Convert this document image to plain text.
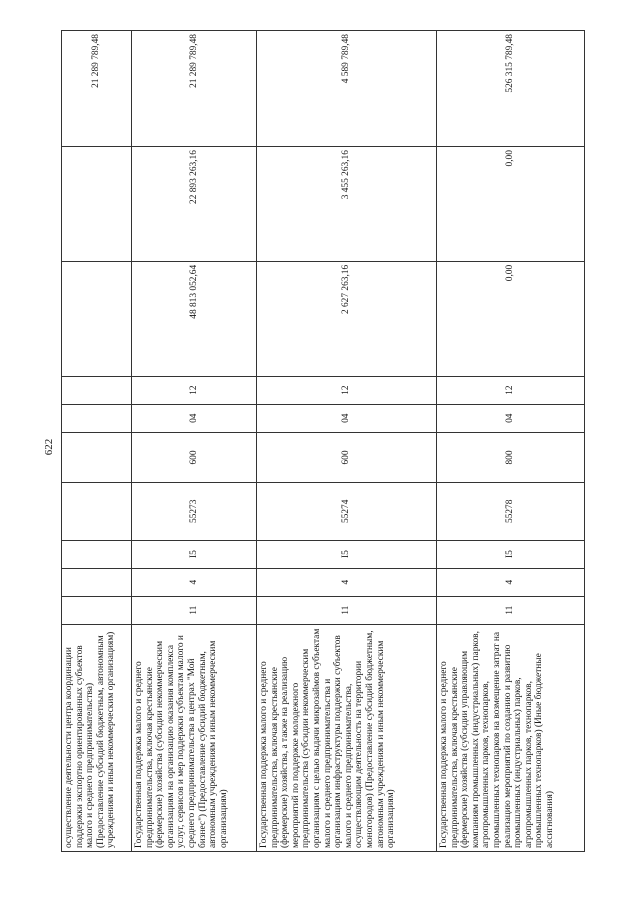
622
осуществление деятельности центра координации поддержки экспортно ориентированных субъектов малого и среднего предпринимательства) (Предоставление субсидий бюджетным, автономным учреждениям и иным некоммерческим организациям)										21 289 789,48
Государственная поддержка малого и среднего предпринимательства, включая крестьянские (фермерские) хозяйства (субсидии некоммерческим организациям на организацию оказания комплекса услуг, сервисов и мер поддержки субъектам малого и среднего предпринимательства в центрах "Мой бизнес") (Предоставление субсидий бюджетным, автономным учреждениям и иным некоммерческим организациям)	11	4	I5	55273	600	04	12	48 813 052,64	22 893 263,16	21 289 789,48
Государственная поддержка малого и среднего предпринимательства, включая крестьянские (фермерские) хозяйства, а также на реализацию мероприятий по поддержке молодежного предпринимательства (субсидии некоммерческим организациям с целью выдачи микрозаймов субъектам малого и среднего предпринимательства и организациям инфраструктуры поддержки субъектов малого и среднего предпринимательства, осуществляющим деятельность на территории моногородов) (Предоставление субсидий бюджетным, автономным учреждениям и иным некоммерческим организациям)	11	4	I5	55274	600	04	12	2 627 263,16	3 455 263,16	4 589 789,48
Государственная поддержка малого и среднего предпринимательства, включая крестьянские (фермерские) хозяйства (субсидии управляющим компаниям промышленных (индустриальных) парков, агропромышленных парков, технопарков, промышленных технопарков на возмещение затрат на реализацию мероприятий по созданию и развитию промышленных (индустриальных) парков, агропромышленных парков, технопарков, промышленных технопарков) (Иные бюджетные ассигнования)	11	4	I5	55278	800	04	12	0,00	0,00	526 315 789,48
